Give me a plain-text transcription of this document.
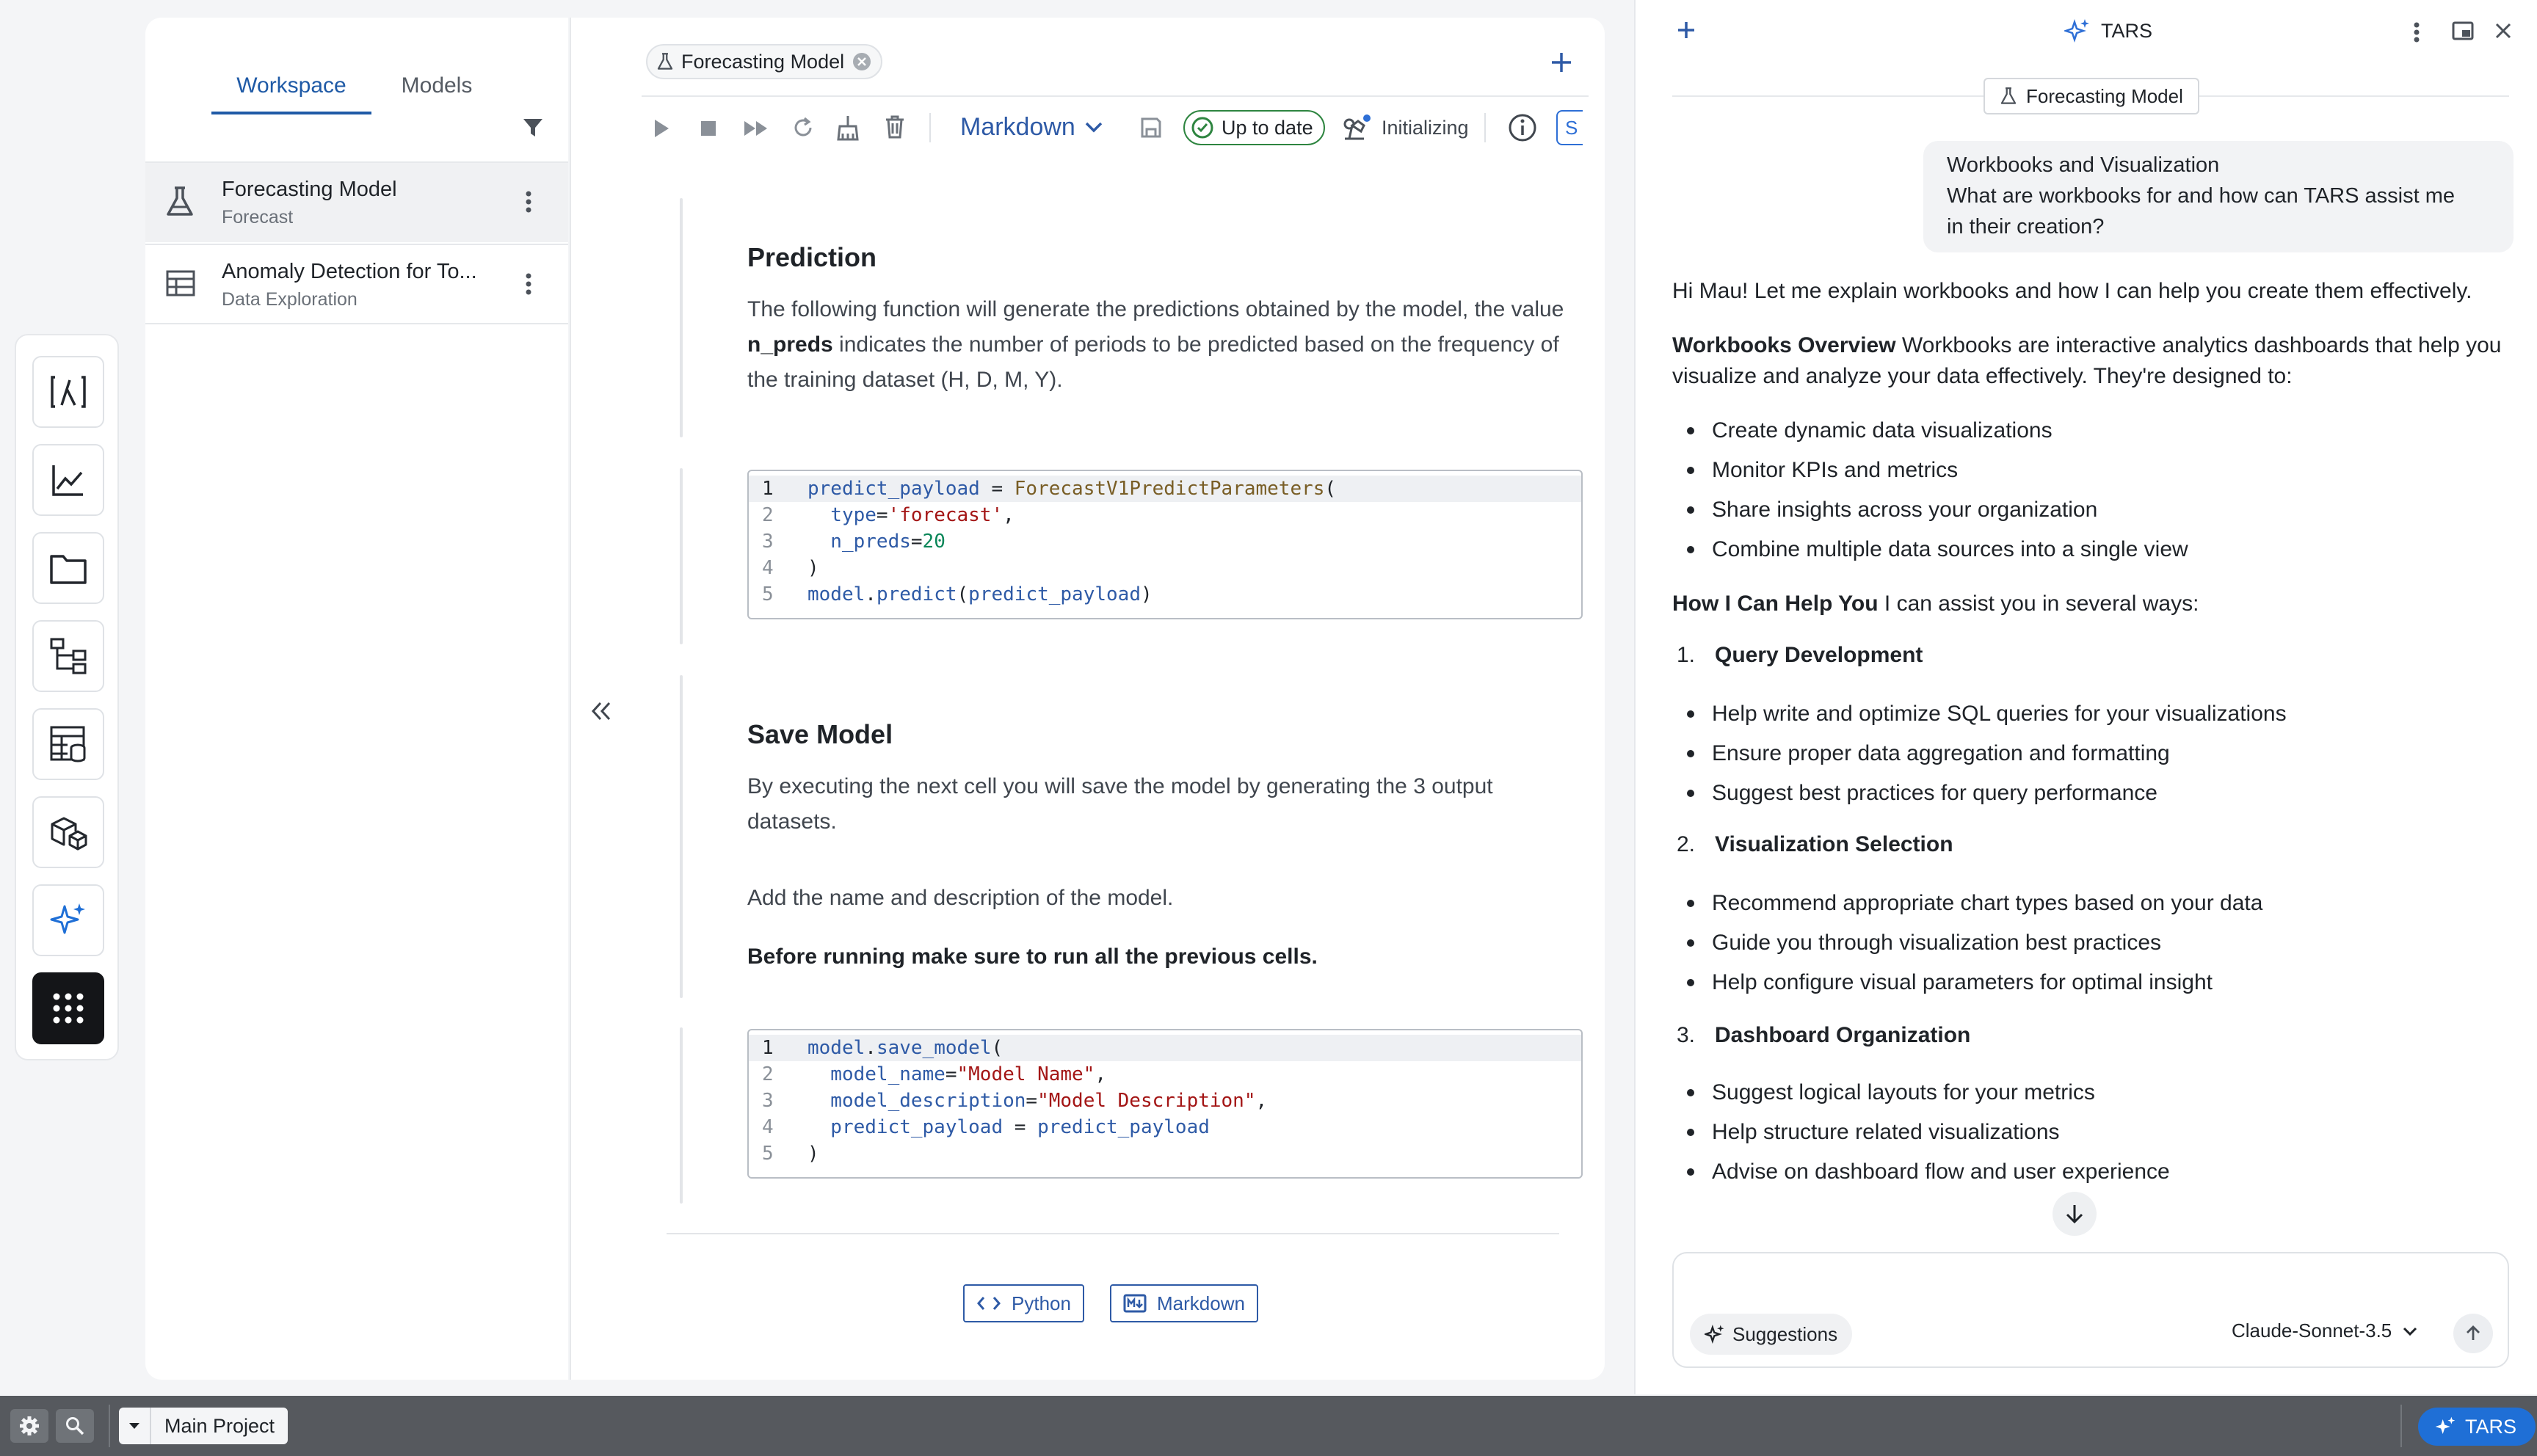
Workspace	Models
Forecasting Model
Forecast
Anomaly Detection for To...
Data Exploration
Forecasting Model
Markdown	Up to date	Initializing	S
Prediction
The following function will generate the predictions obtained by the model, the value
n_preds indicates the number of periods to be predicted based on the frequency of
the training dataset (H, D, M, Y).
1	predict_payload = ForecastV1PredictParameters (
2	type = 'forecast' ,
3	n_preds = 20
4	)
5	model . predict ( predict_payload )
Save Model
By executing the next cell you will save the model by generating the 3 output
datasets.
Add the name and description of the model.
Before running make sure to run all the previous cells.
1	model . save_model (
2	model_name = "Model Name" ,
3	model_description = "Model Description" ,
4	predict_payload = predict_payload
5	)
Python	Markdown
TARS
Forecasting Model
Workbooks and Visualization
What are workbooks for and how can TARS assist me
in their creation?
Hi Mau! Let me explain workbooks and how I can help you create them effectively.
Workbooks Overview Workbooks are interactive analytics dashboards that help you
visualize and analyze your data effectively. They're designed to:
Create dynamic data visualizations
Monitor KPIs and metrics
Share insights across your organization
Combine multiple data sources into a single view
How I Can Help You I can assist you in several ways:
1. Query Development
Help write and optimize SQL queries for your visualizations
Ensure proper data aggregation and formatting
Suggest best practices for query performance
2. Visualization Selection
Recommend appropriate chart types based on your data
Guide you through visualization best practices
Help configure visual parameters for optimal insight
3. Dashboard Organization
Suggest logical layouts for your metrics
Help structure related visualizations
Advise on dashboard flow and user experience
Suggestions	Claude-Sonnet-3.5
Main Project	TARS
